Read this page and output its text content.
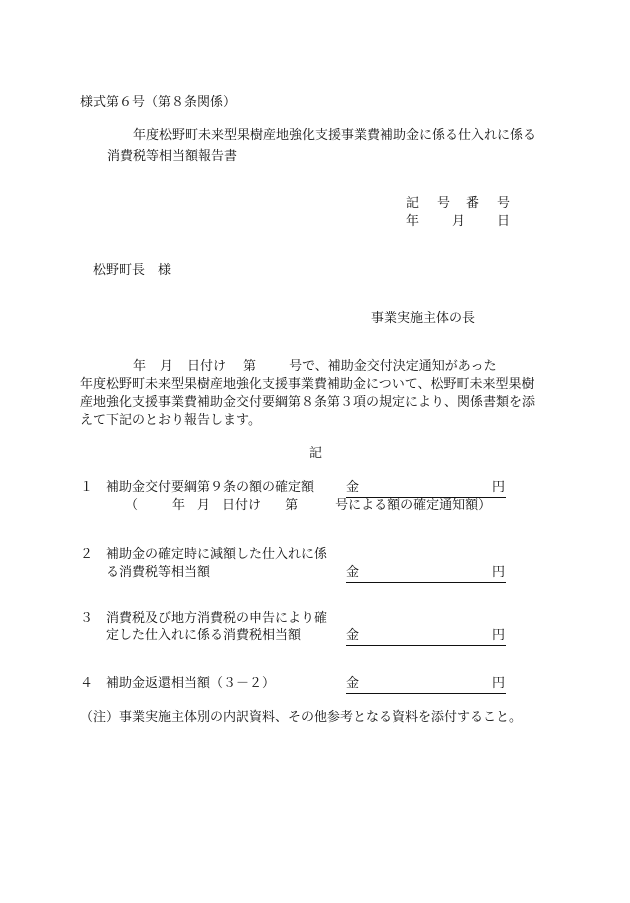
様式第６号（第８条関係）
年度松野町未来型果樹産地強化支援事業費補助金に係る仕入れに係る
消費税等相当額報告書
記 号 番 号
年	月 日
松野町長　様
事業実施主体の長
年 月 日付け 第	号で、補助金交付決定通知があった
年度松野町未来型果樹産地強化支援事業費補助金について、松野町未来型果樹
産地強化支援事業費補助金交付要綱第８条第３項の規定により、関係書類を添
えて下記のとおり報告します。
記
１ 補助金交付要綱第９条の額の確定額 金	円
（	年 月 日付け 第	号による額の確定通知額）
２ 補助金の確定時に減額した仕入れに係
る消費税等相当額	金	円
３ 消費税及び地方消費税の申告により確
定した仕入れに係る消費税相当額	金	円
４ 補助金返還相当額（３－２）	金	円
（注）事業実施主体別の内訳資料、その他参考となる資料を添付すること。
